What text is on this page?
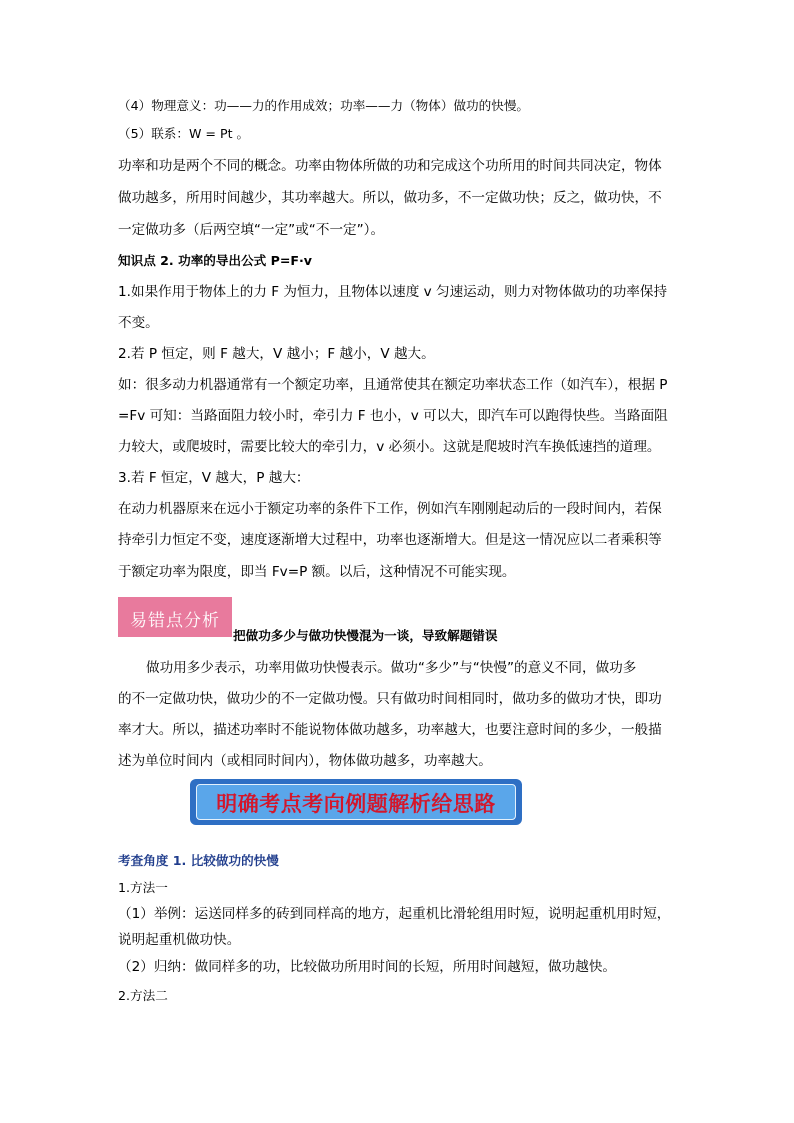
（4）物理意义：功——力的作用成效；功率——力（物体）做功的快慢。
（5）联系：W = Pt 。
功率和功是两个不同的概念。功率由物体所做的功和完成这个功所用的时间共同决定，物体
做功越多，所用时间越少，其功率越大。所以，做功多，不一定做功快；反之，做功快，不
一定做功多（后两空填“一定”或“不一定”）。
知识点 2. 功率的导出公式 P=F·v
1.如果作用于物体上的力 F 为恒力，且物体以速度 v 匀速运动，则力对物体做功的功率保持
不变。
2.若 P 恒定，则 F 越大，V 越小；F 越小，V 越大。
如：很多动力机器通常有一个额定功率，且通常使其在额定功率状态工作（如汽车），根据 P
=Fv 可知：当路面阻力较小时，牵引力 F 也小，v 可以大，即汽车可以跑得快些。当路面阻
力较大，或爬坡时，需要比较大的牵引力，v 必须小。这就是爬坡时汽车换低速挡的道理。
3.若 F 恒定，V 越大，P 越大：
在动力机器原来在远小于额定功率的条件下工作，例如汽车刚刚起动后的一段时间内，若保
持牵引力恒定不变，速度逐渐增大过程中，功率也逐渐增大。但是这一情况应以二者乘积等
于额定功率为限度，即当 Fv=P 额。以后，这种情况不可能实现。
易错点分析
把做功多少与做功快慢混为一谈，导致解题错误
做功用多少表示，功率用做功快慢表示。做功“多少”与“快慢”的意义不同，做功多
的不一定做功快，做功少的不一定做功慢。只有做功时间相同时，做功多的做功才快，即功
率才大。所以，描述功率时不能说物体做功越多，功率越大，也要注意时间的多少，一般描
述为单位时间内（或相同时间内），物体做功越多，功率越大。
明确考点考向例题解析给思路
考查角度 1. 比较做功的快慢
1.方法一
（1）举例：运送同样多的砖到同样高的地方，起重机比滑轮组用时短，说明起重机用时短，
说明起重机做功快。
（2）归纳：做同样多的功，比较做功所用时间的长短，所用时间越短，做功越快。
2.方法二
